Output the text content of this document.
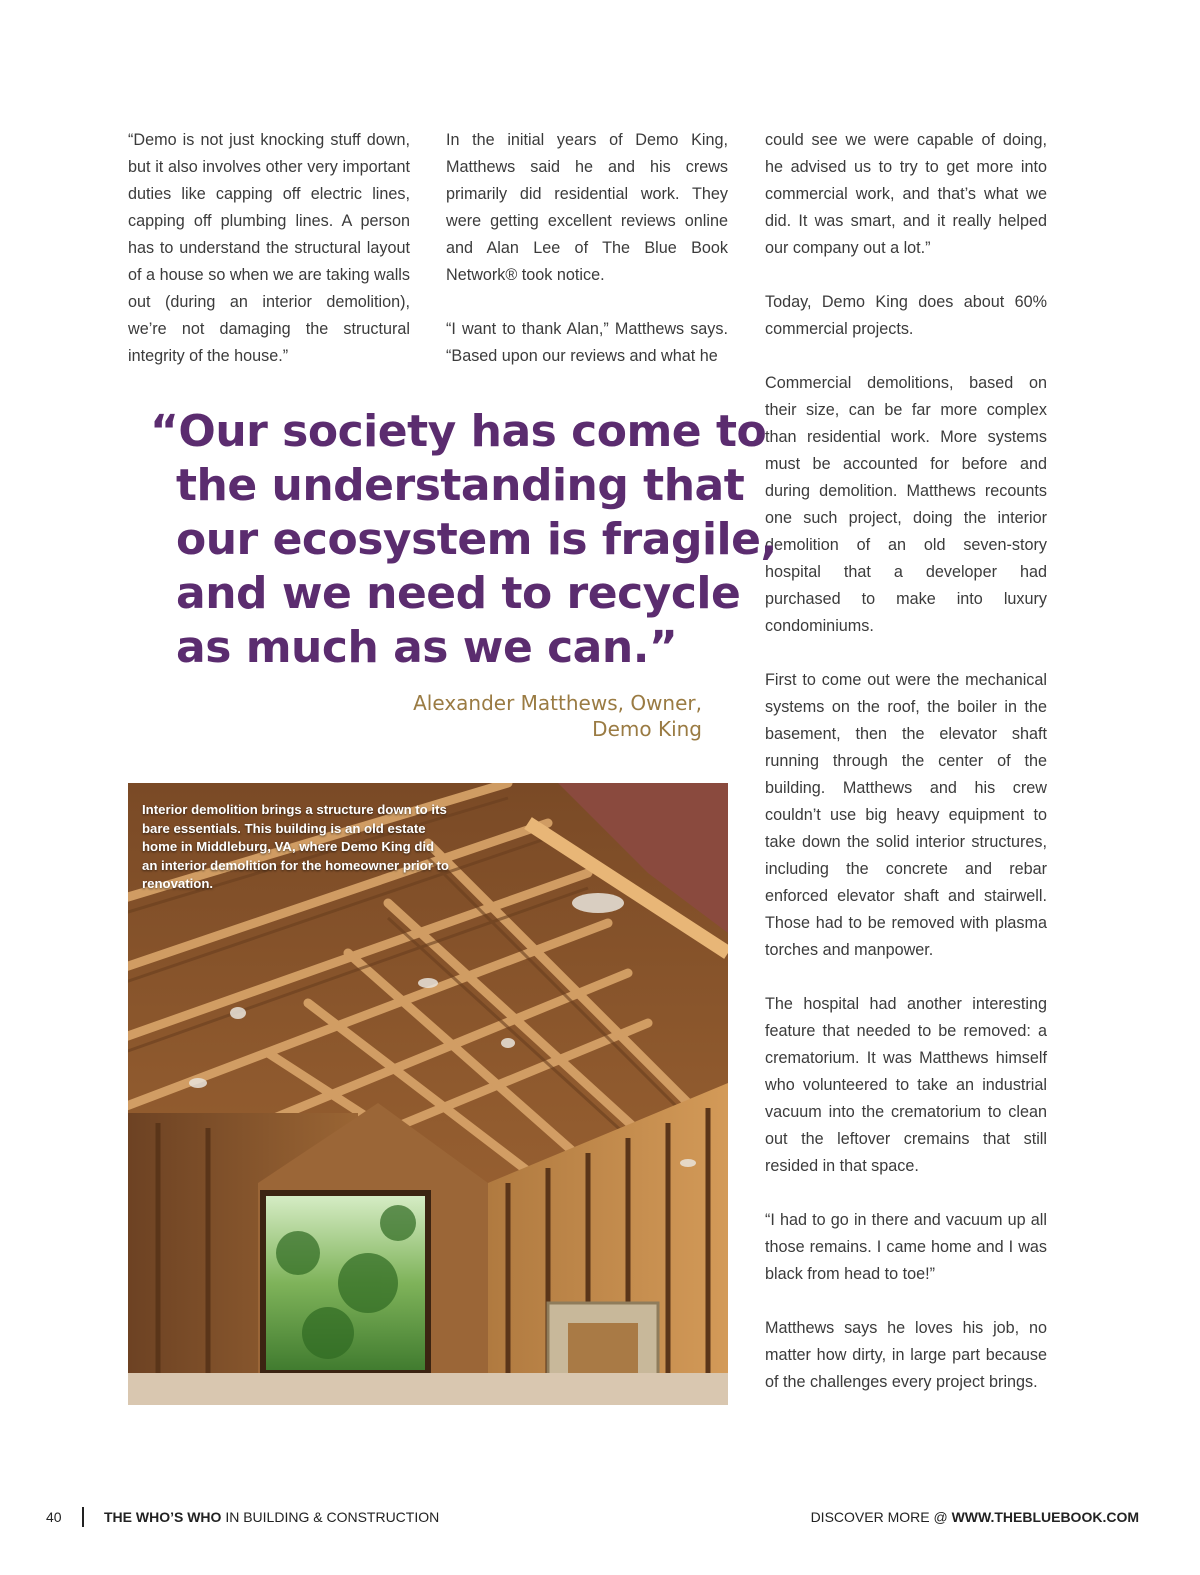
“Demo is not just knocking stuff down, but it also involves other very important duties like capping off electric lines, capping off plumbing lines. A person has to understand the structural layout of a house so when we are taking walls out (during an interior demolition), we’re not damaging the structural integrity of the house.”

In the initial years of Demo King, Matthews said he and his crews primarily did residential work. They were getting excellent reviews online and Alan Lee of The Blue Book Network® took notice.

“I want to thank Alan,” Matthews says. “Based upon our reviews and what he

could see we were capable of doing, he advised us to try to get more into commercial work, and that’s what we did. It was smart, and it really helped our company out a lot.”

Today, Demo King does about 60% commercial projects.

Commercial demolitions, based on their size, can be far more complex than residential work. More systems must be accounted for before and during demolition. Matthews recounts one such project, doing the interior demolition of an old seven-story hospital that a developer had purchased to make into luxury condominiums.

First to come out were the mechanical systems on the roof, the boiler in the basement, then the elevator shaft running through the center of the building. Matthews and his crew couldn’t use big heavy equipment to take down the solid interior structures, including the concrete and rebar enforced elevator shaft and stairwell. Those had to be removed with plasma torches and manpower.

The hospital had another interesting feature that needed to be removed: a crematorium. It was Matthews himself who volunteered to take an industrial vacuum into the crematorium to clean out the leftover cremains that still resided in that space.

“I had to go in there and vacuum up all those remains. I came home and I was black from head to toe!”

Matthews says he loves his job, no matter how dirty, in large part because of the challenges every project brings.

“Our society has come to
the understanding that
our ecosystem is fragile,
and we need to recycle
as much as we can.”
Alexander Matthews, Owner,
Demo King
Interior demolition brings a structure down to its bare essentials. This building is an old estate home in Middleburg, VA, where Demo King did an interior demolition for the homeowner prior to renovation.
40	THE WHO’S WHO IN BUILDING & CONSTRUCTION	DISCOVER MORE @ WWW.THEBLUEBOOK.COM
